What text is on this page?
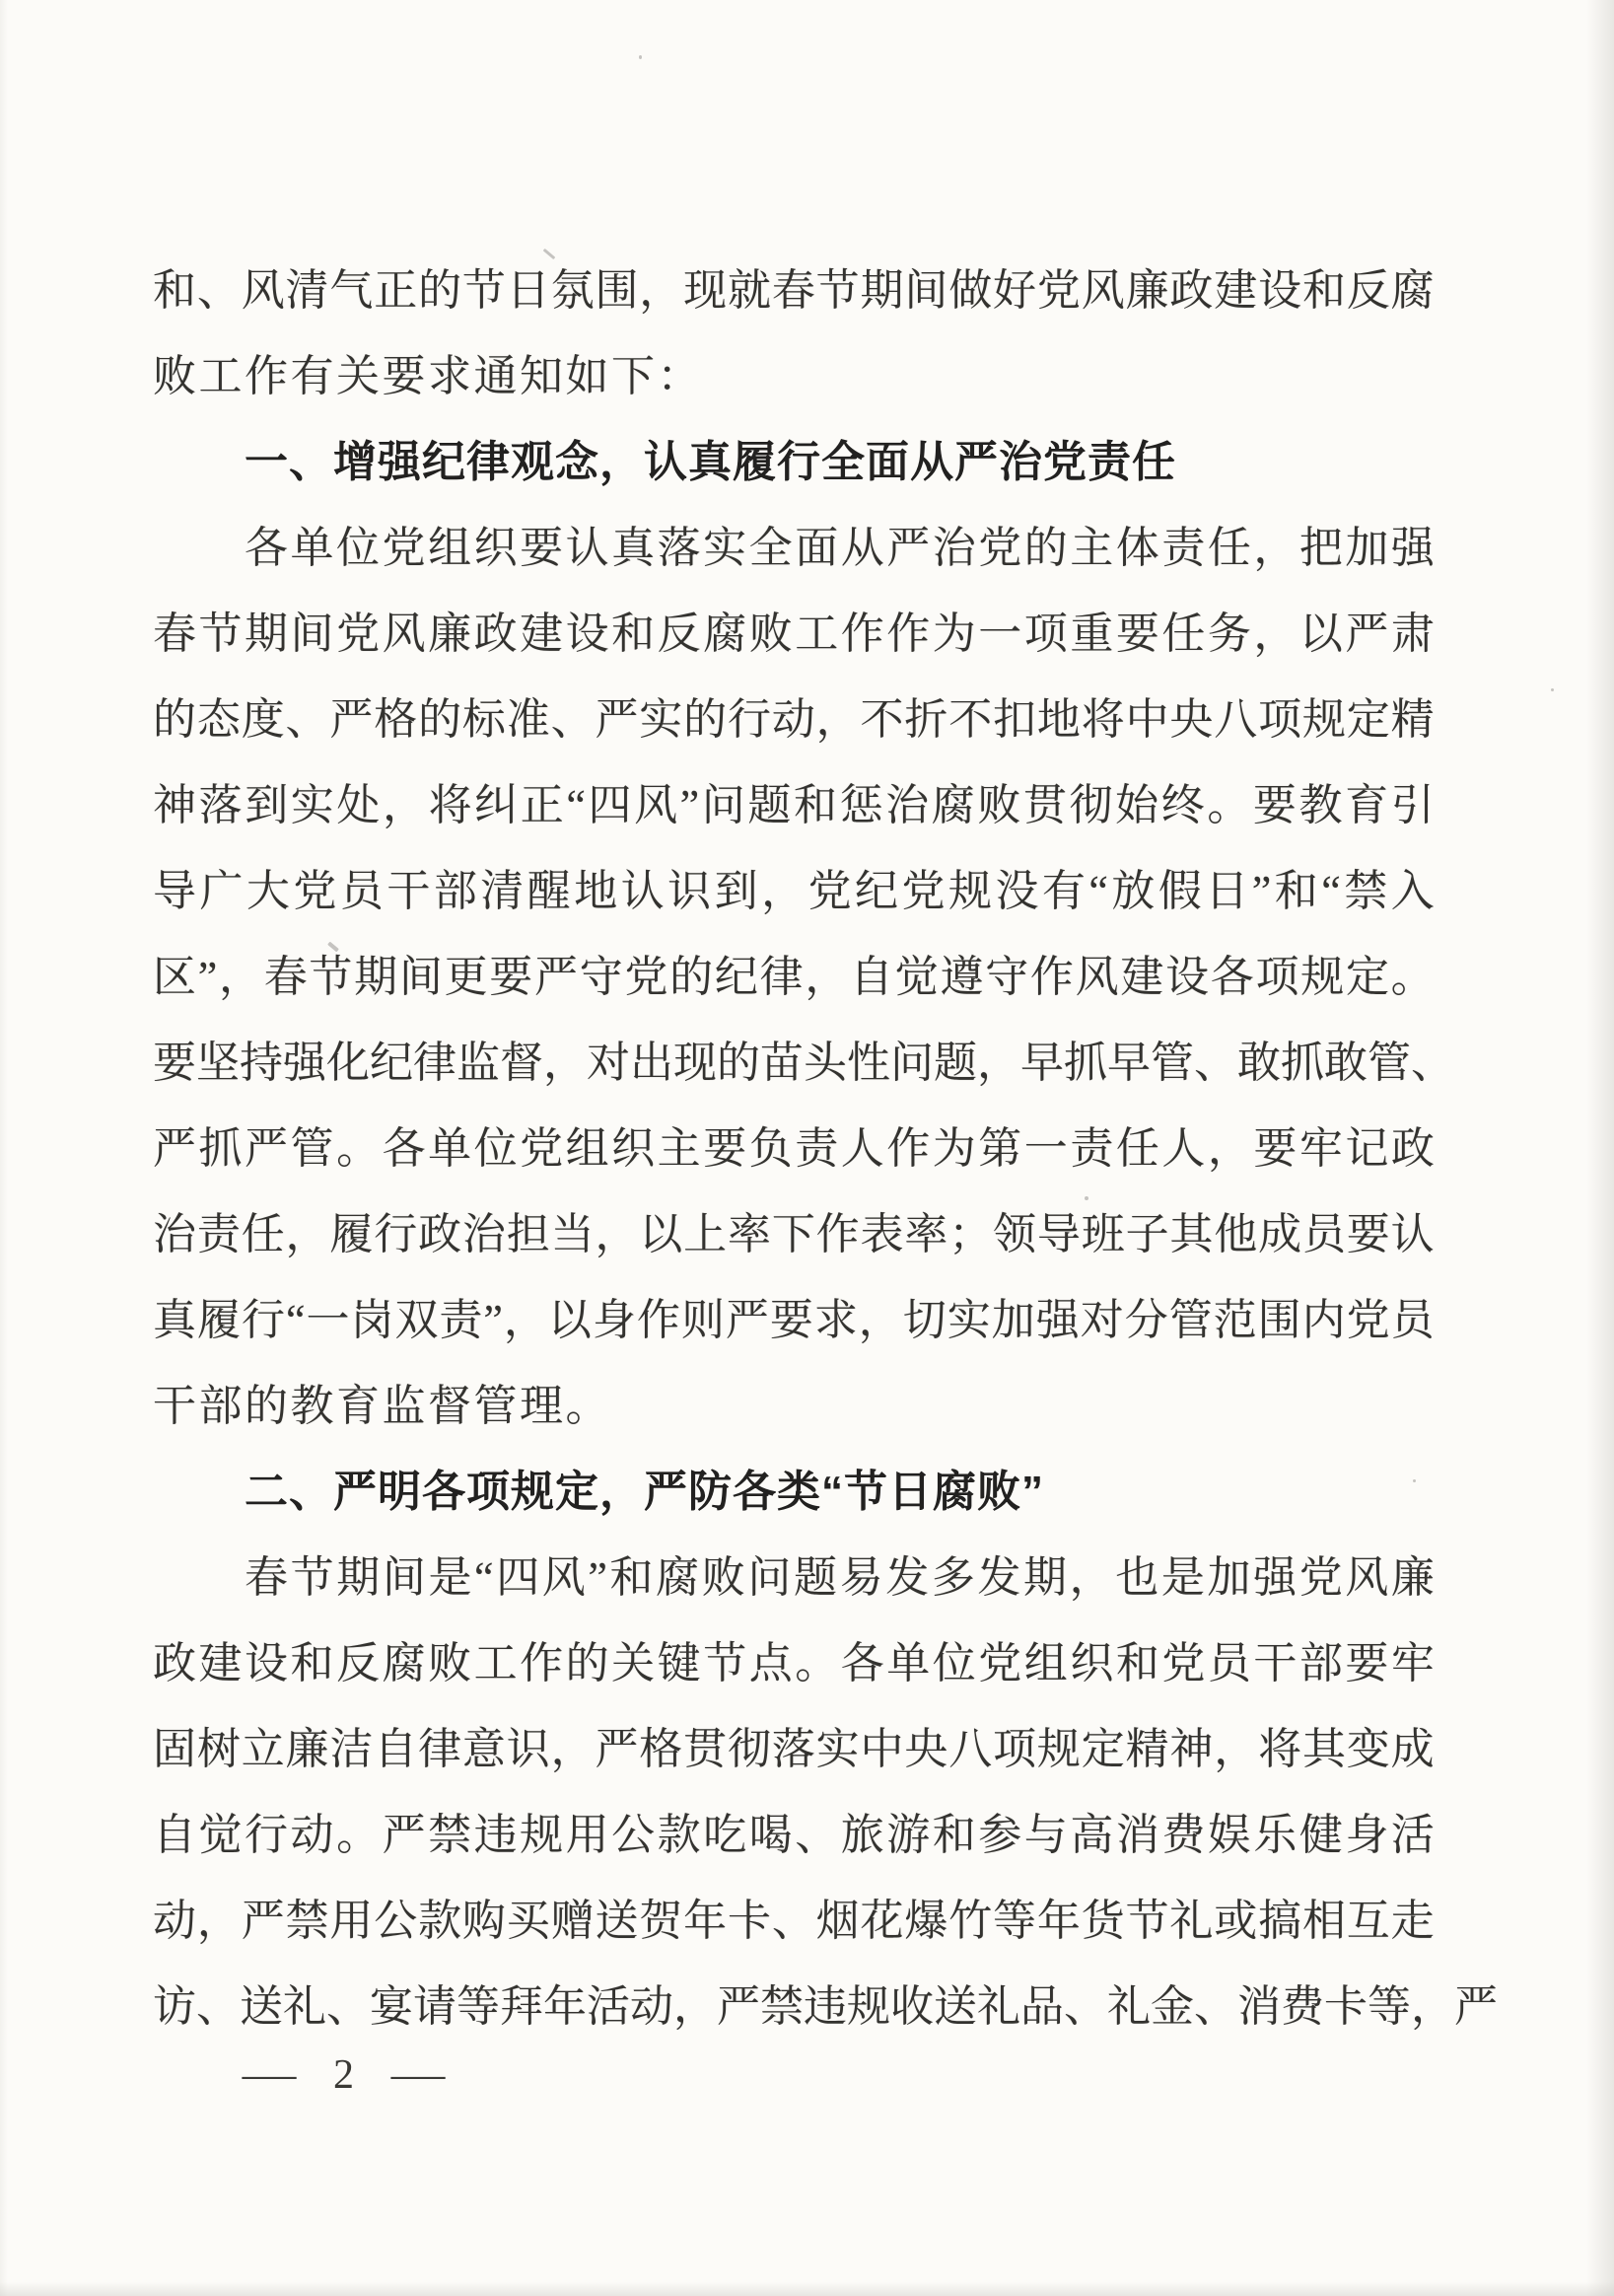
和 、 风 清 气 正 的 节 日 氛 围 ， 现 就 春 节 期 间 做 好 党 风 廉 政 建 设 和 反 腐
败工作有关要求通知如下：
一、增强纪律观念，认真履行全面从严治党责任
各 单 位 党 组 织 要 认 真 落 实 全 面 从 严 治 党 的 主 体 责 任 ， 把 加 强
春 节 期 间 党 风 廉 政 建 设 和 反 腐 败 工 作 作 为 一 项 重 要 任 务 ， 以 严 肃
的 态 度 、 严 格 的 标 准 、 严 实 的 行 动 ， 不 折 不 扣 地 将 中 央 八 项 规 定 精
神 落 到 实 处 ， 将 纠 正 “ 四 风 ” 问 题 和 惩 治 腐 败 贯 彻 始 终 。 要 教 育 引
导 广 大 党 员 干 部 清 醒 地 认 识 到 ， 党 纪 党 规 没 有 “ 放 假 日 ” 和 “ 禁 入
区 ” ， 春 节 期 间 更 要 严 守 党 的 纪 律 ， 自 觉 遵 守 作 风 建 设 各 项 规 定 。
要 坚 持 强 化 纪 律 监 督 ， 对 出 现 的 苗 头 性 问 题 ， 早 抓 早 管 、 敢 抓 敢 管 、
严 抓 严 管 。 各 单 位 党 组 织 主 要 负 责 人 作 为 第 一 责 任 人 ， 要 牢 记 政
治 责 任 ， 履 行 政 治 担 当 ， 以 上 率 下 作 表 率 ； 领 导 班 子 其 他 成 员 要 认
真 履 行 “ 一 岗 双 责 ” ， 以 身 作 则 严 要 求 ， 切 实 加 强 对 分 管 范 围 内 党 员
干部的教育监督管理。
二、严明各项规定，严防各类“节日腐败”
春 节 期 间 是 “ 四 风 ” 和 腐 败 问 题 易 发 多 发 期 ， 也 是 加 强 党 风 廉
政 建 设 和 反 腐 败 工 作 的 关 键 节 点 。 各 单 位 党 组 织 和 党 员 干 部 要 牢
固 树 立 廉 洁 自 律 意 识 ， 严 格 贯 彻 落 实 中 央 八 项 规 定 精 神 ， 将 其 变 成
自 觉 行 动 。 严 禁 违 规 用 公 款 吃 喝 、 旅 游 和 参 与 高 消 费 娱 乐 健 身 活
动 ， 严 禁 用 公 款 购 买 赠 送 贺 年 卡 、 烟 花 爆 竹 等 年 货 节 礼 或 搞 相 互 走
访 、 送 礼 、 宴 请 等 拜 年 活 动 ， 严 禁 违 规 收 送 礼 品 、 礼 金 、 消 费 卡 等 ， 严
— 2 —
